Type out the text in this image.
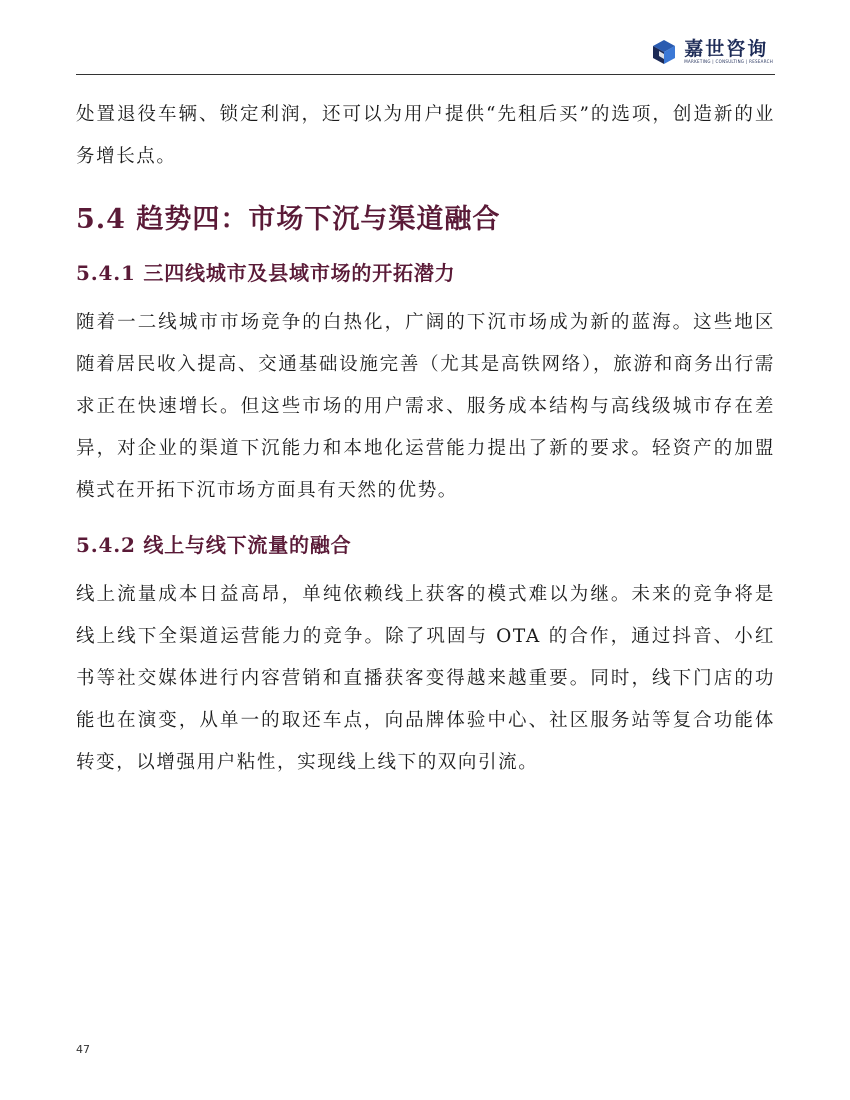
嘉世咨询
MARKETING | CONSULTING | RESEARCH

处置退役车辆、锁定利润，还可以为用户提供“先租后买”的选项，创造新的业务增长点。

5.4 趋势四：市场下沉与渠道融合
5.4.1 三四线城市及县域市场的开拓潜力

随着一二线城市市场竞争的白热化，广阔的下沉市场成为新的蓝海。这些地区随着居民收入提高、交通基础设施完善（尤其是高铁网络），旅游和商务出行需求正在快速增长。但这些市场的用户需求、服务成本结构与高线级城市存在差异，对企业的渠道下沉能力和本地化运营能力提出了新的要求。轻资产的加盟模式在开拓下沉市场方面具有天然的优势。

5.4.2 线上与线下流量的融合

线上流量成本日益高昂，单纯依赖线上获客的模式难以为继。未来的竞争将是线上线下全渠道运营能力的竞争。除了巩固与 OTA 的合作，通过抖音、小红书等社交媒体进行内容营销和直播获客变得越来越重要。同时，线下门店的功能也在演变，从单一的取还车点，向品牌体验中心、社区服务站等复合功能体转变，以增强用户粘性，实现线上线下的双向引流。

47
